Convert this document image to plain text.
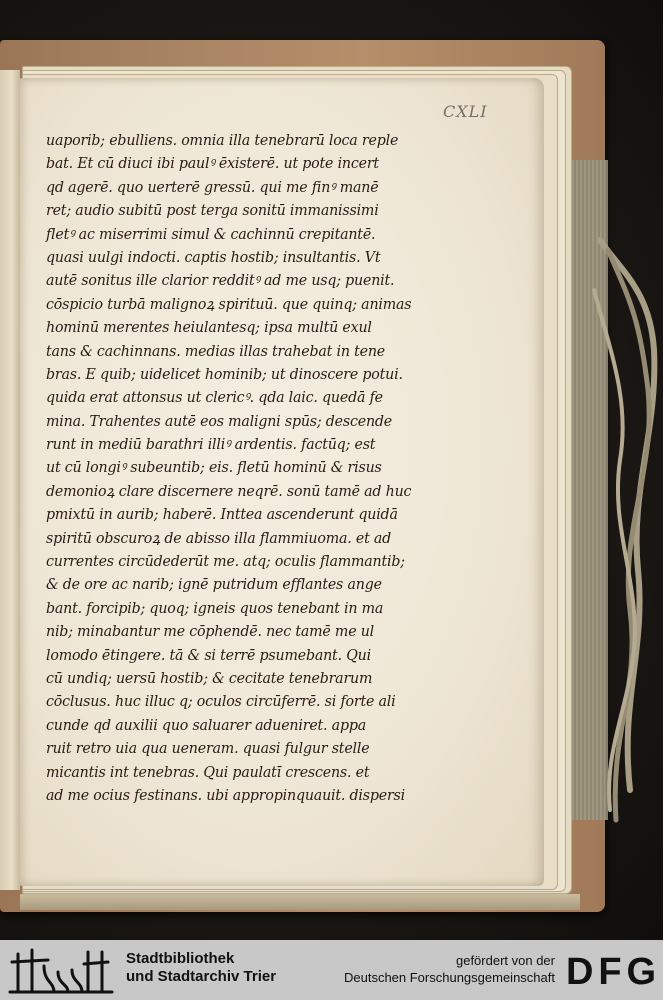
CXLI
uaporib; ebulliens. omnia illa tenebrarū loca reple
bat. Et cū diuci ibi paulꝰ ēxisterē. ut pote incert
qd agerē. quo uerterē gressū. qui me finꝰ manē
ret; audio subitū post terga sonitū immanissimi
fletꝰ ac miserrimi simul & cachinnū crepitantē.
quasi uulgi indocti. captis hostib; insultantis. Vt
autē sonitus ille clarior redditꝰ ad me usq; puenit.
cōspicio turbā malignoꝝ spirituū. que quinq; animas
hominū merentes heiulantesq; ipsa multū exul
tans & cachinnans. medias illas trahebat in tene
bras. E quib; uidelicet hominib; ut dinoscere potui.
quida erat attonsus ut clericꝰ. qda laic. quedā fe
mina. Trahentes autē eos maligni spūs; descende
runt in mediū barathri illiꝰ ardentis. factūq; est
ut cū longiꝰ subeuntib; eis. fletū hominū & risus
demonioꝝ clare discernere neqrē. sonū tamē ad huc
pmixtū in aurib; haberē. Inttea ascenderunt quidā
spiritū obscuroꝝ de abisso illa flammiuoma. et ad
currentes circūdederūt me. atq; oculis flammantib;
& de ore ac narib; ignē putridum efflantes ange
bant. forcipib; quoq; igneis quos tenebant in ma
nib; minabantur me cōphendē. nec tamē me ul
lomodo ētingere. tā & si terrē psumebant. Qui
cū undiq; uersū hostib; & cecitate tenebrarum
cōclusus. huc illuc q; oculos circūferrē. si forte ali
cunde qd auxilii quo saluarer adueniret. appa
ruit retro uia qua ueneram. quasi fulgur stelle
micantis int tenebras. Qui paulatī crescens. et
ad me ocius festinans. ubi appropinquauit. dispersi
Stadtbibliothek
und Stadtarchiv Trier
gefördert von der
Deutschen Forschungsgemeinschaft DFG
